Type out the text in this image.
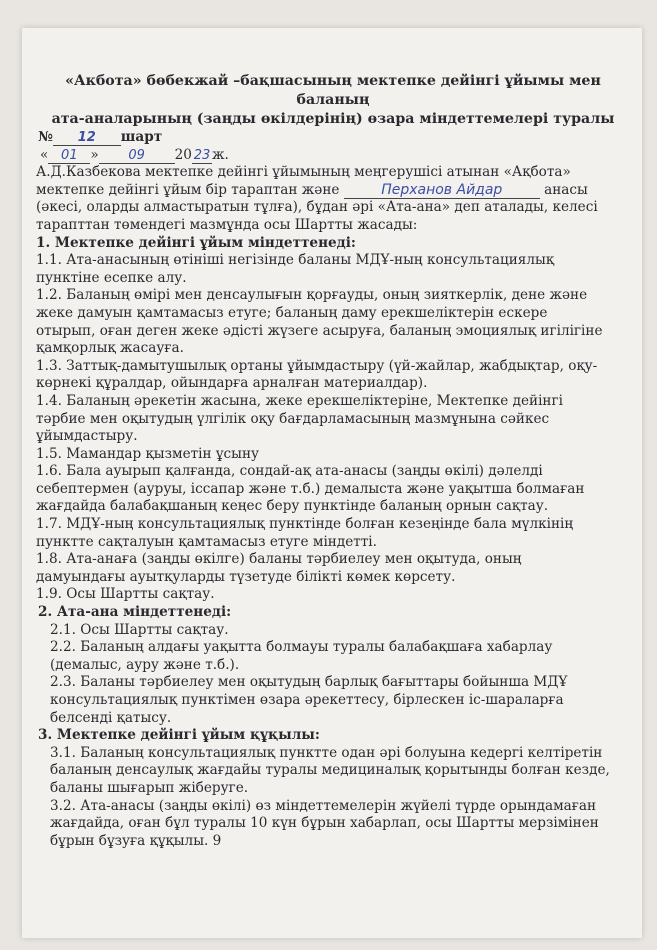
«Акбота» бөбекжай –бақшасының мектепке дейінгі ұйымы мен баланың
ата-аналарының (заңды өкілдерінің) өзара міндеттемелері туралы
№ 12 шарт
« 01 » 09 20 23 ж.
А.Д.Казбекова мектепке дейінгі ұйымының меңгерушісі атынан «Ақбота»
мектепке дейінгі ұйым бір тараптан және	Перханов Айдар	анасы
(әкесі, оларды алмастыратын тұлға), бұдан әрі «Ата-ана» деп аталады, келесі
тарапттан төмендегі мазмұнда осы Шартты жасады:
1. Мектепке дейінгі ұйым міндеттенеді:
1.1. Ата-анасының өтініші негізінде баланы МДҰ-ның консультациялық
пунктіне есепке алу.
1.2. Баланың өмірі мен денсаулығын қорғауды, оның зияткерлік, дене және
жеке дамуын қамтамасыз етуге; баланың даму ерекшеліктерін ескере
отырып, оған деген жеке әдісті жүзеге асыруға, баланың эмоциялық игілігіне
қамқорлық жасауға.
1.3. Заттық-дамытушылық ортаны ұйымдастыру (үй-жайлар, жабдықтар, оқу-
көрнекі құралдар, ойындарға арналған материалдар).
1.4. Баланың әрекетін жасына, жеке ерекшеліктеріне, Мектепке дейінгі
тәрбие мен оқытудың үлгілік оқу бағдарламасының мазмұнына сәйкес
ұйымдастыру.
1.5. Мамандар қызметін ұсыну
1.6. Бала ауырып қалғанда, сондай-ақ ата-анасы (заңды өкілі) дәлелді
себептермен (ауруы, іссапар және т.б.) демалыста және уақытша болмаған
жағдайда балабақшаның кеңес беру пунктінде баланың орнын сақтау.
1.7. МДҰ-ның консультациялық пунктінде болған кезеңінде бала мүлкінің
пунктте сақталуын қамтамасыз етуге міндетті.
1.8. Ата-анаға (заңды өкілге) баланы тәрбиелеу мен оқытуда, оның
дамуындағы ауытқуларды түзетуде білікті көмек көрсету.
1.9. Осы Шартты сақтау.
2. Ата-ана міндеттенеді:
2.1. Осы Шартты сақтау.
2.2. Баланың алдағы уақытта болмауы туралы балабақшаға хабарлау
(демалыс, ауру және т.б.).
2.3. Баланы тәрбиелеу мен оқытудың барлық бағыттары бойынша МДҰ
консультациялық пунктімен өзара әрекеттесу, бірлескен іс-шараларға
белсенді қатысу.
3. Мектепке дейінгі ұйым құқылы:
3.1. Баланың консультациялық пунктте одан әрі болуына кедергі келтіретін
баланың денсаулық жағдайы туралы медициналық қорытынды болған кезде,
баланы шығарып жіберуге.
3.2. Ата-анасы (заңды өкілі) өз міндеттемелерін жүйелі түрде орындамаған
жағдайда, оған бұл туралы 10 күн бұрын хабарлап, осы Шартты мерзімінен
бұрын бұзуға құқылы. 9
